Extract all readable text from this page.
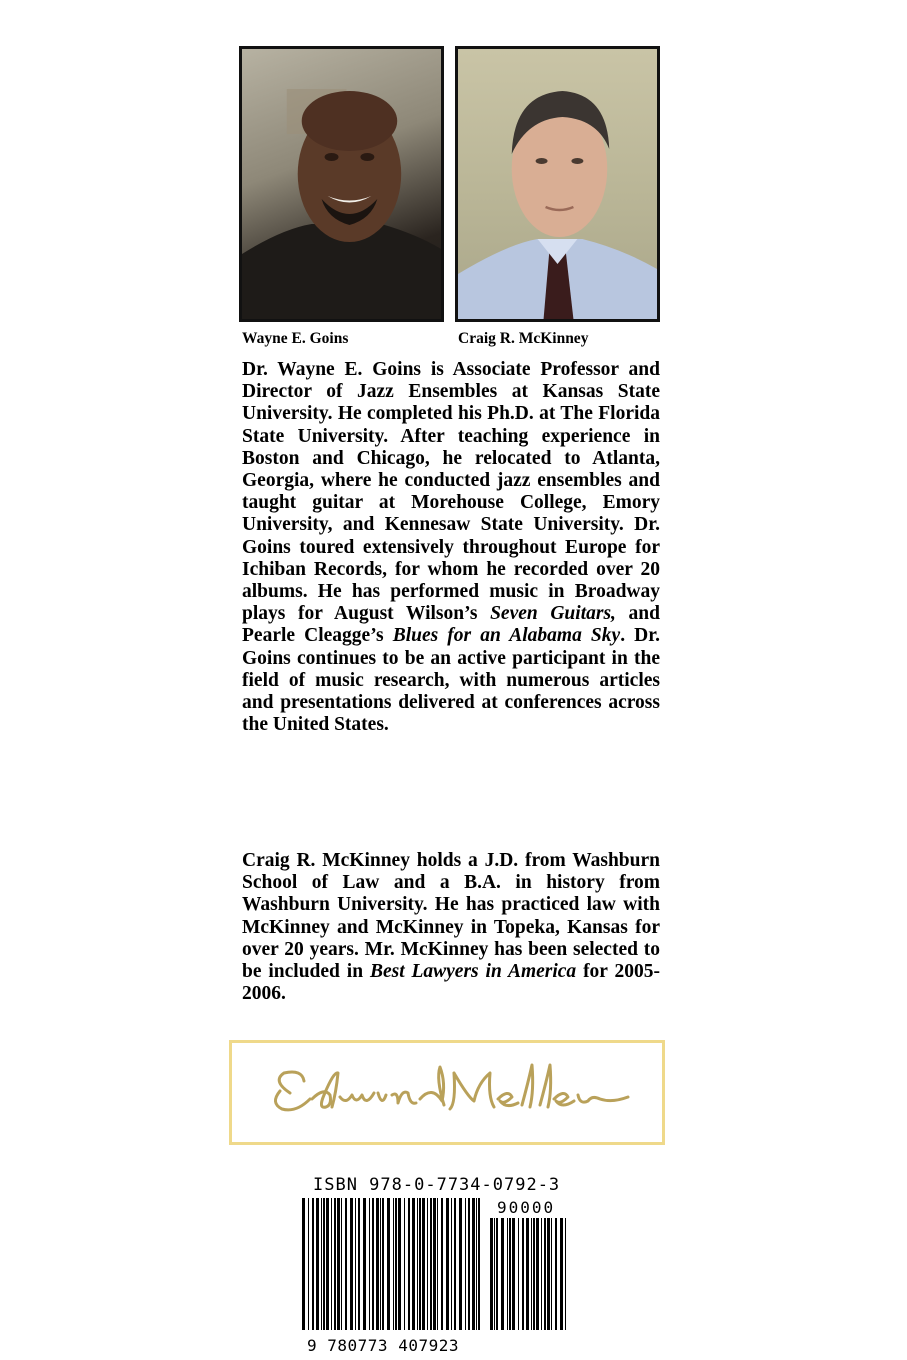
Wayne E. Goins	Craig R. McKinney

Dr. Wayne E. Goins is Associate Professor and Director of Jazz Ensembles at Kansas State University. He completed his Ph.D. at The Florida State University. After teaching experience in Boston and Chicago, he relocated to Atlanta, Georgia, where he conducted jazz ensembles and taught guitar at Morehouse College, Emory University, and Kennesaw State University. Dr. Goins toured extensively throughout Europe for Ichiban Records, for whom he recorded over 20 albums. He has performed music in Broadway plays for August Wilson’s Seven Guitars, and Pearle Cleagge’s Blues for an Alabama Sky. Dr. Goins continues to be an active participant in the field of music research, with numerous articles and presentations delivered at conferences across the United States.

Craig R. McKinney holds a J.D. from Washburn School of Law and a B.A. in history from Washburn University. He has practiced law with McKinney and McKinney in Topeka, Kansas for over 20 years. Mr. McKinney has been selected to be included in Best Lawyers in America for 2005-2006.

ISBN 978-0-7734-0792-3
90000
9 780773 407923
